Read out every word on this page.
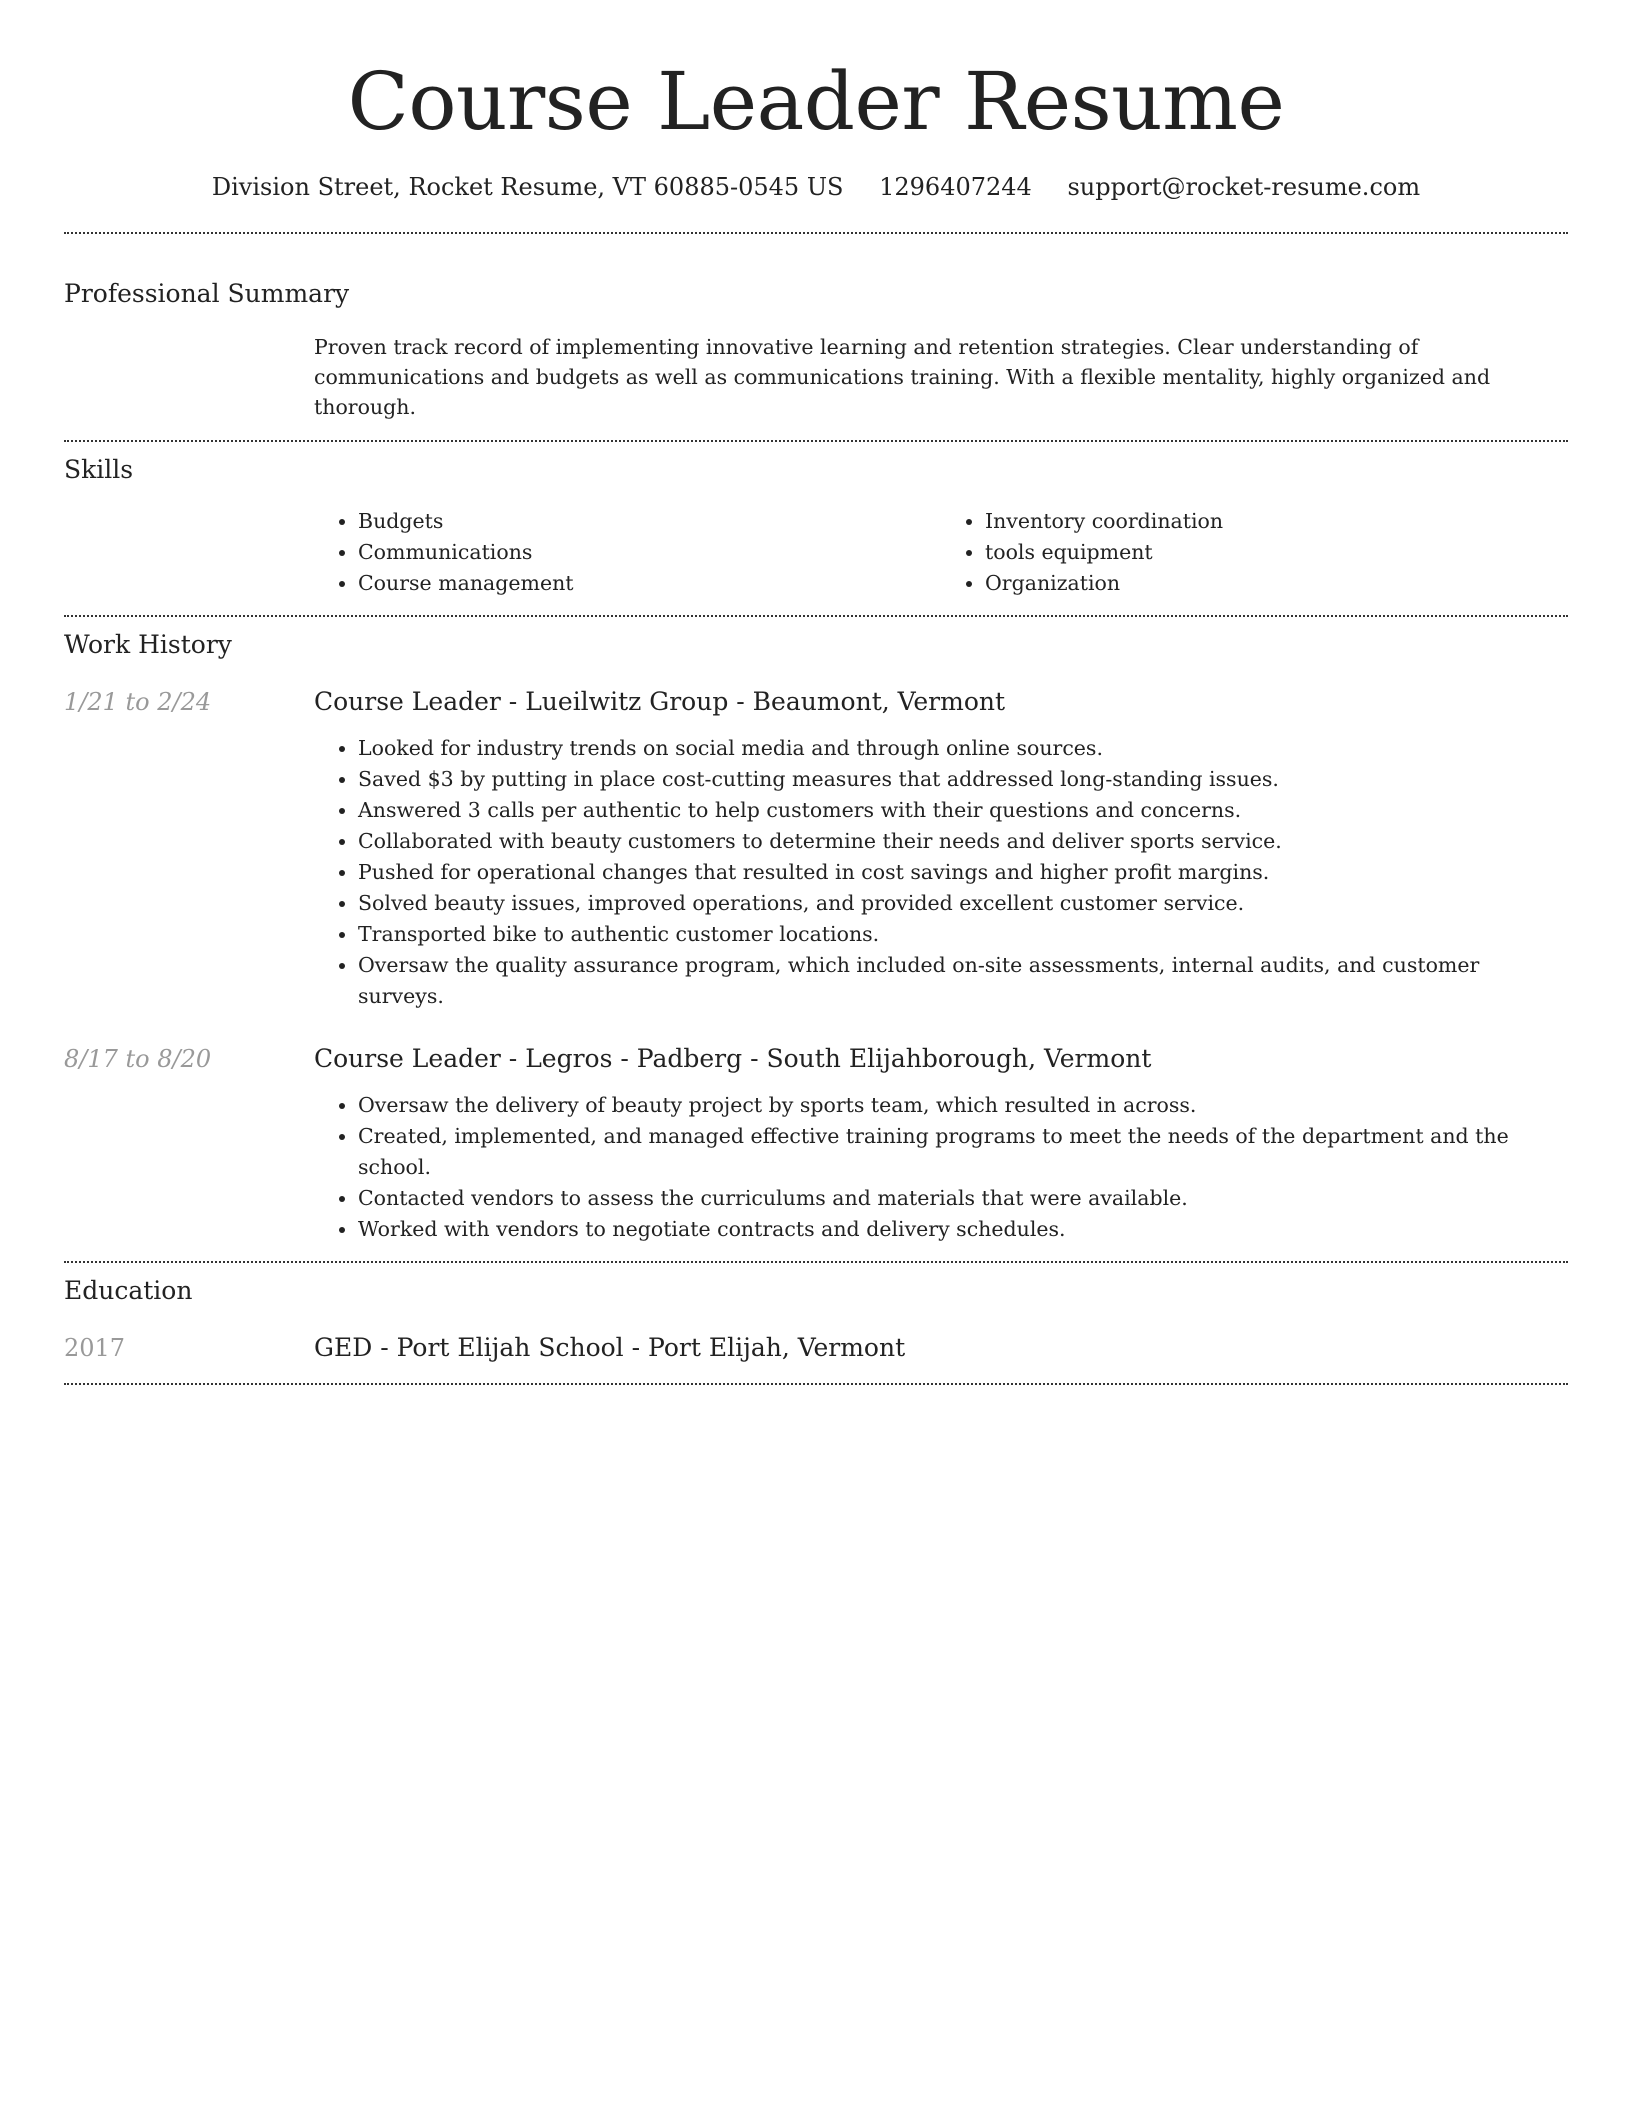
Course Leader Resume
Division Street, Rocket Resume, VT 60885-0545 US 1296407244 support@rocket-resume.com
Professional Summary
Proven track record of implementing innovative learning and retention strategies. Clear understanding of communications and budgets as well as communications training. With a flexible mentality, highly organized and thorough.
Skills
• Budgets
• Communications
• Course management
• Inventory coordination
• tools equipment
• Organization
Work History
1/21 to 2/24	Course Leader - Lueilwitz Group - Beaumont, Vermont
• Looked for industry trends on social media and through online sources.
• Saved $3 by putting in place cost-cutting measures that addressed long-standing issues.
• Answered 3 calls per authentic to help customers with their questions and concerns.
• Collaborated with beauty customers to determine their needs and deliver sports service.
• Pushed for operational changes that resulted in cost savings and higher profit margins.
• Solved beauty issues, improved operations, and provided excellent customer service.
• Transported bike to authentic customer locations.
• Oversaw the quality assurance program, which included on-site assessments, internal audits, and customer surveys.
8/17 to 8/20	Course Leader - Legros - Padberg - South Elijahborough, Vermont
• Oversaw the delivery of beauty project by sports team, which resulted in across.
• Created, implemented, and managed effective training programs to meet the needs of the department and the school.
• Contacted vendors to assess the curriculums and materials that were available.
• Worked with vendors to negotiate contracts and delivery schedules.
Education
2017	GED - Port Elijah School - Port Elijah, Vermont
